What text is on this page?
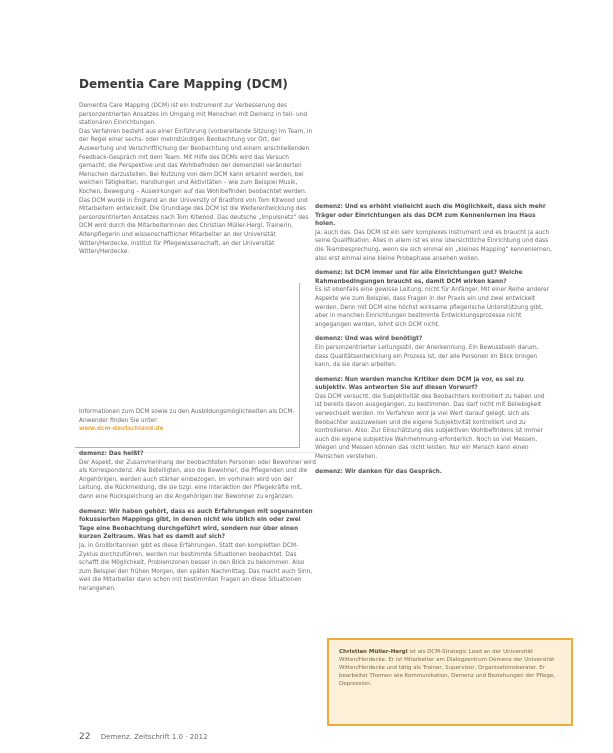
Dementia Care Mapping (DCM)

Dementia Care Mapping (DCM) ist ein Instrument zur Verbesserung des personzentrierten Ansatzes im Umgang mit Menschen mit Demenz in teil- und stationären Einrichtungen.

Das Verfahren besteht aus einer Einführung (vorbereitende Sitzung) im Team, in der Regel einer sechs- oder mehrstündigen Beobachtung vor Ort, der Auswertung und Verschriftlichung der Beobachtung und einem anschließenden Feedback-Gespräch mit dem Team. Mit Hilfe des DCMs wird das Versuch gemacht, die Perspektive und das Wohlbefinden der demenziell veränderten Menschen darzustellen. Bei Nutzung von dem DCM kann erkannt werden, bei welchen Tätigkeiten, Handlungen und Aktivitäten – wie zum Beispiel Musik, Kochen, Bewegung – Auswirkungen auf das Wohlbefinden beobachtet werden.

Das DCM wurde in England an der University of Bradford von Tom Kitwood und Mitarbeitern entwickelt. Die Grundlage des DCM ist die Weiterentwicklung des personzentrierten Ansatzes nach Tom Kitwood. Das deutsche „Impulsnetz“ des DCM wird durch die Mitarbeiterinnen des Christian Müller-Hergl, Trainerin, Altenpflegerin und wissenschaftlicher Mitarbeiter an der Universität Witten/Herdecke, Institut für Pflegewissenschaft, an der Universität Witten/Herdecke.

Informationen zum DCM sowie zu den Ausbildungsmöglichkeiten als DCM-Anwender finden Sie unter:
www.dcm-deutschland.de

demenz: Das heißt?

Der Aspekt, der Zusammenhang der beobachteten Personen oder Bewohner wird als Korrespondenz. Alle Beteiligten, also die Bewohner, die Pflegenden und die Angehörigen, werden auch stärker einbezogen. Im vorhinein wird von der Leitung, die Rückmeldung, die sie bzgl. eine Interaktion der Pflegekräfte mit, dann eine Rückspeichung an die Angehörigen der Bewohner zu ergänzen.

demenz: Wir haben gehört, dass es auch Erfahrungen mit sogenannten fokussierten Mappings gibt, in denen nicht wie üblich ein oder zwei Tage eine Beobachtung durchgeführt wird, sondern nur über einen kurzen Zeitraum. Was hat es damit auf sich?

Ja, in Großbritannien gibt es diese Erfahrungen. Statt den kompletten DCM-Zyklus durchzuführen, werden nur bestimmte Situationen beobachtet. Das schafft die Möglichkeit, Problemzonen besser in den Blick zu bekommen. Also zum Beispiel den frühen Morgen, den späten Nachmittag. Das macht auch Sinn, weil die Mitarbeiter dann schon mit bestimmten Fragen an diese Situationen herangehen.

demenz: Und es erhöht vielleicht auch die Möglichkeit, dass sich mehr Träger oder Einrichtungen als das DCM zum Kennenlernen ins Haus holen.

Ja, auch das. Das DCM ist ein sehr komplexes Instrument und es braucht ja auch seine Qualifikation. Alles in allem ist es eine übersichtliche Einrichtung und dass die Teambesprechung, wenn sie sich einmal ein „kleines Mapping“ kennenlernen, also erst einmal eine kleine Probephase ansehen wollen.

demenz: Ist DCM immer und für alle Einrichtungen gut? Welche Rahmenbedingungen braucht es, damit DCM wirken kann?

Es ist ebenfalls eine gewisse Leitung, nicht für Anfänger. Mit einer Reihe anderer Aspekte wie zum Beispiel, dass Fragen in der Praxis ein und zwei entwickelt werden. Denn mit DCM eine höchst wirksame pflegerische Unterstützung gibt, aber in manchen Einrichtungen bestimmte Entwicklungsprozesse nicht angegangen werden, lohnt sich DCM nicht.

demenz: Und was wird benötigt?

Ein personzentrierter Leitungsstil, der Anerkennung. Ein Bewusstsein darum, dass Qualitätsentwicklung ein Prozess ist, der alle Personen im Blick bringen kann, da sie daran arbeiten.

demenz: Nun werden manche Kritiker dem DCM ja vor, es sei zu subjektiv. Was antworten Sie auf diesen Vorwurf?

Das DCM versucht, die Subjektivität des Beobachters kontrolliert zu haben und ist bereits davon ausgegangen, zu bestimmen. Das darf nicht mit Beliebigkeit verwechselt werden. Im Verfahren wird ja viel Wert darauf gelegt, sich als Beobachter auszuweisen und die eigene Subjektivität kontrolliert und zu kontrollieren. Also: Zur Einschätzung des subjektiven Wohlbefindens ist immer auch die eigene subjektive Wahrnehmung erforderlich. Noch so viel Messen, Wiegen und Messen können das nicht leisten. Nur ein Mensch kann einen Menschen verstehen.

demenz: Wir danken für das Gespräch.

Christian Müller-Hergl ist als DCM-Strategic Lead an der Universität Witten/Herdecke. Er ist Mitarbeiter am Dialogzentrum Demenz der Universität Witten/Herdecke und tätig als Trainer, Supervisor, Organisationsberater. Er bearbeitet Themen wie Kommunikation, Demenz und Beziehungen der Pflege, Depression.
22 Demenz. Zeitschrift 1.0 · 2012
